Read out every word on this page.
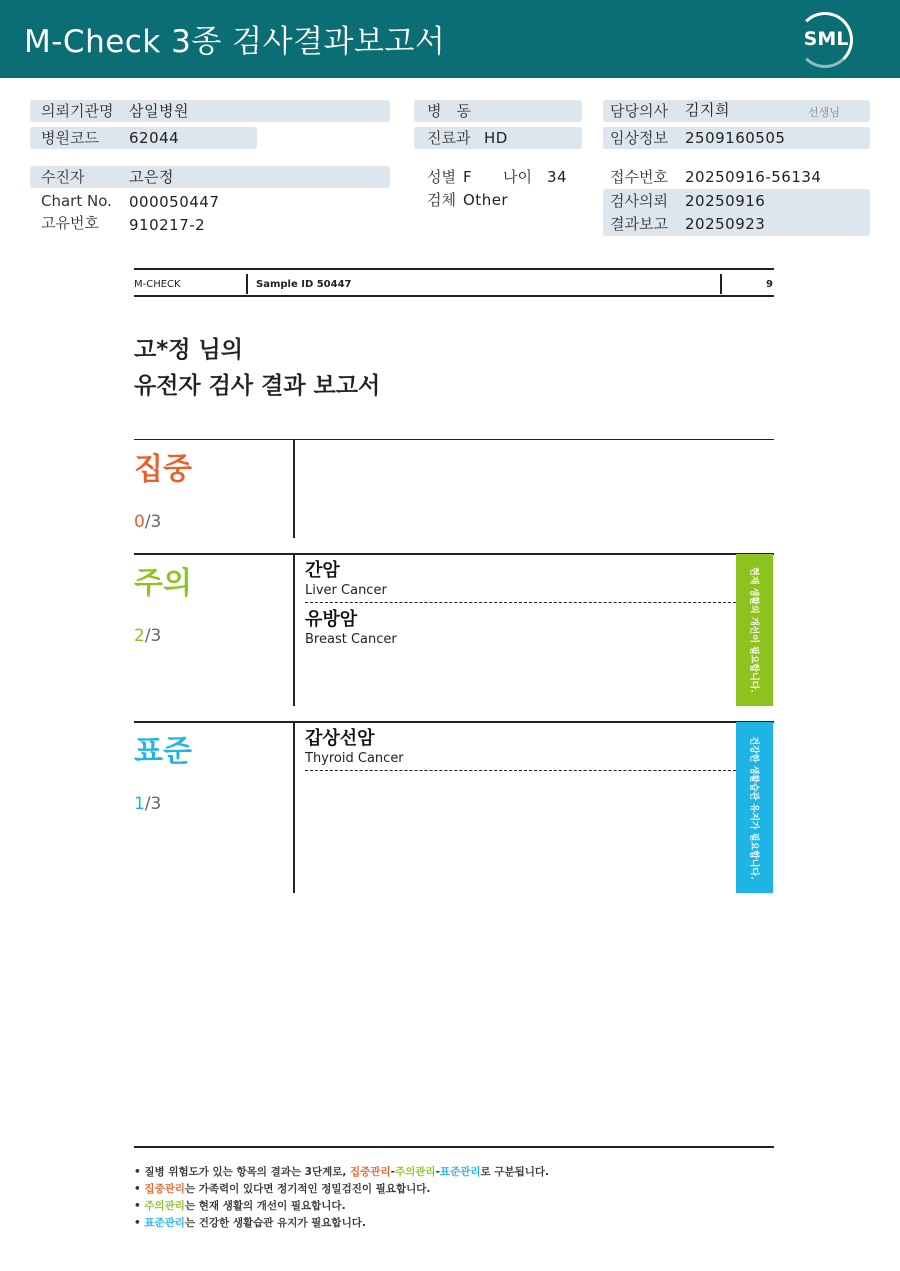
M-Check 3종 검사결과보고서	SML
의뢰기관명 삼일병원
병원코드 62044
수진자	고은정
Chart No. 000050447
고유번호 910217-2
병　동
진료과 HD
성별 F 나이 34
검체 Other
담당의사 김지희	선생님
임상정보 2509160505
접수번호 20250916-56134
검사의뢰 20250916
결과보고 20250923
M-CHECK	Sample ID 50447	9
고*정 님의
유전자 검사 결과 보고서
집중
0/3
주의
2/3
간암
Liver Cancer
유방암
Breast Cancer	현재 생활의 개선이 필요합니다.
표준
1/3
갑상선암
Thyroid Cancer	건강한 생활습관 유지가 필요합니다.
• 질병 위험도가 있는 항목의 결과는 3단계로, 집중관리-주의관리-표준관리로 구분됩니다.
• 집중관리는 가족력이 있다면 정기적인 정밀검진이 필요합니다.
• 주의관리는 현재 생활의 개선이 필요합니다.
• 표준관리는 건강한 생활습관 유지가 필요합니다.
